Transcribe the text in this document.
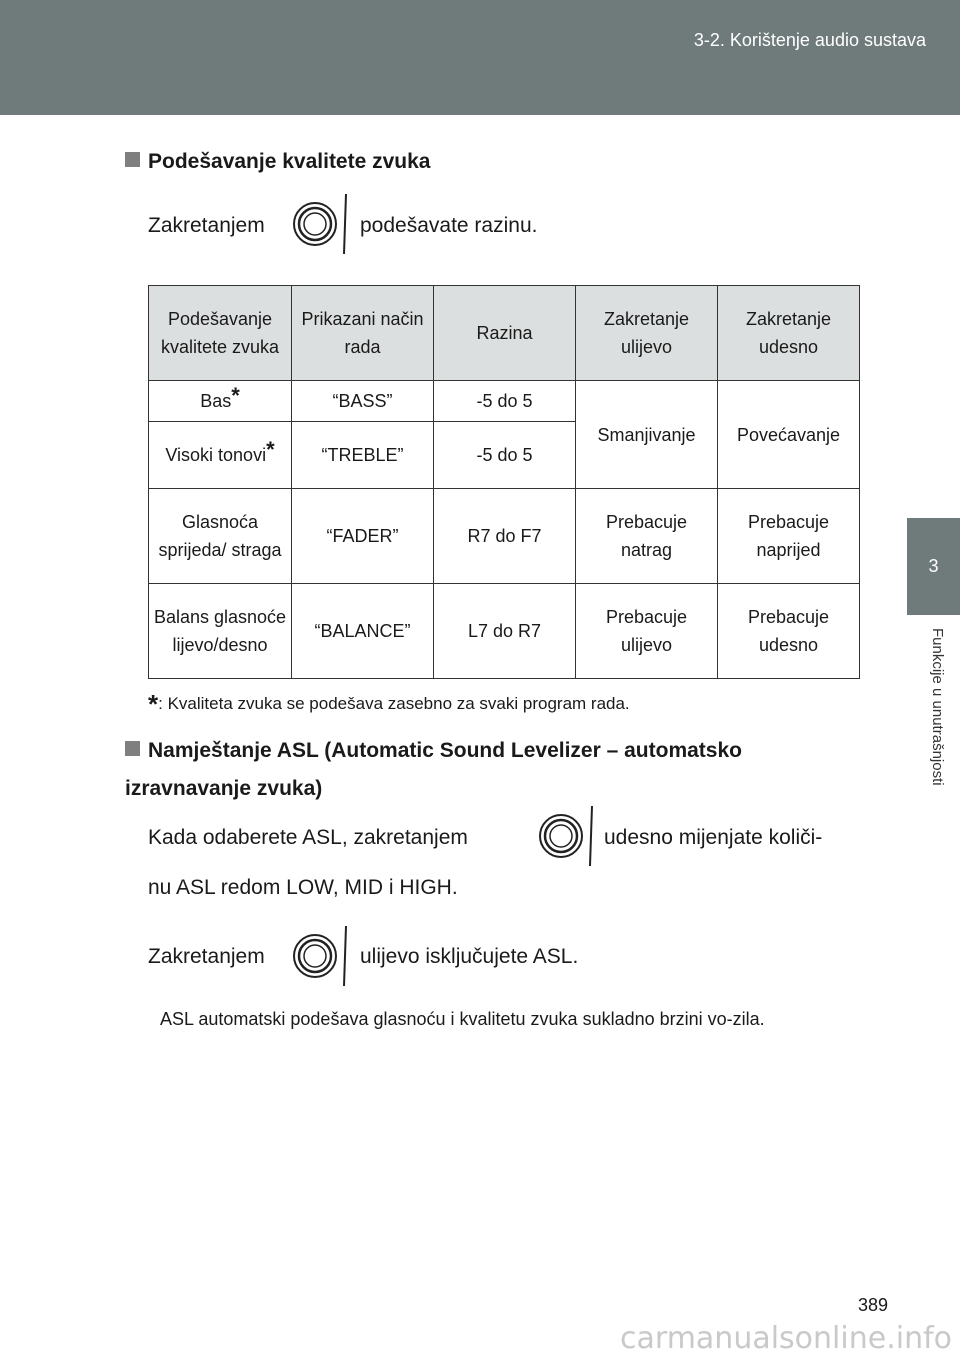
3-2. Korištenje audio sustava
3
Funkcije u unutrašnjosti
Podešavanje kvalitete zvuka
Zakretanjem	podešavate razinu.
Podešavanje kvalitete zvuka	Prikazani način rada	Razina	Zakretanje ulijevo	Zakretanje udesno
Bas*	“BASS”	-5 do 5	Smanjivanje	Povećavanje
Visoki tonovi*	“TREBLE”	-5 do 5		
Glasnoća sprijeda/ straga	“FADER”	R7 do F7	Prebacuje natrag	Prebacuje naprijed
Balans glasnoće lijevo/desno	“BALANCE”	L7 do R7	Prebacuje ulijevo	Prebacuje udesno
*: Kvaliteta zvuka se podešava zasebno za svaki program rada.
Namještanje ASL (Automatic Sound Levelizer – automatsko izravnavanje zvuka)
Kada odaberete ASL, zakretanjem	udesno mijenjate količi-
nu ASL redom LOW, MID i HIGH.
Zakretanjem	ulijevo isključujete ASL.
ASL automatski podešava glasnoću i kvalitetu zvuka sukladno brzini vo-zila.
389
carmanualsonline.info
